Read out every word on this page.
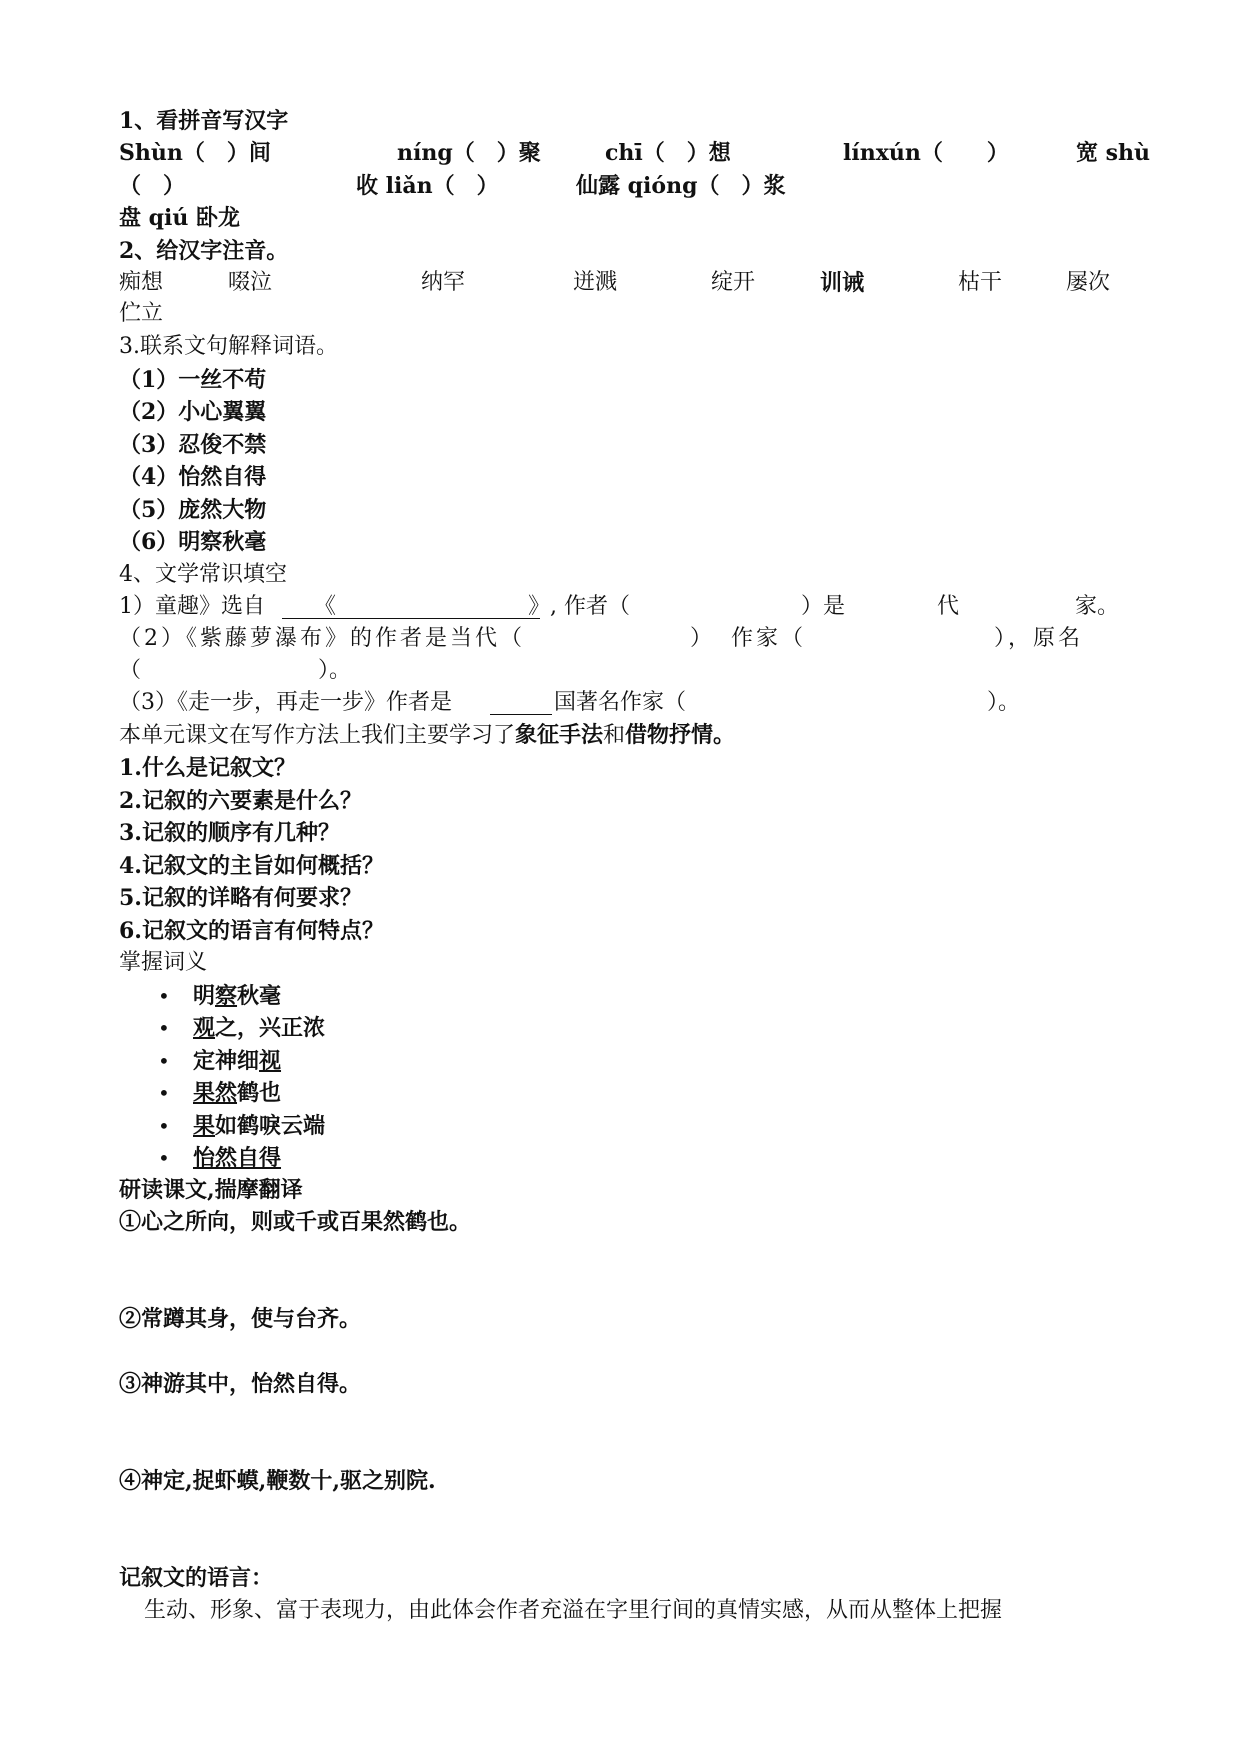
1、看拼音写汉字
Shùn（　）间	níng（　）聚	chī（　）想	línxún（　　）	宽 shù
（　）	收 liǎn（　）	仙露 qióng（　）浆
盘 qiú 卧龙
2、给汉字注音。
痴想	啜泣	纳罕	迸溅	绽开	训诫	枯干	屡次
伫立
3.联系文句解释词语。
（1）一丝不苟
（2）小心翼翼
（3）忍俊不禁
（4）怡然自得
（5）庞然大物
（6）明察秋毫
4、文学常识填空
1）童趣》选自	《	》, 作者（	）是	代	家。
（2）《紫藤萝瀑布》的作者是当代（	） 作家（	），原名
（	）。
（3）《走一步，再走一步》作者是	国著名作家（	）。
本单元课文在写作方法上我们主要学习了象征手法和借物抒情。
1.什么是记叙文？
2.记叙的六要素是什么？
3.记叙的顺序有几种？
4.记叙文的主旨如何概括？
5.记叙的详略有何要求？
6.记叙文的语言有何特点？
掌握词义
• 明察秋毫
• 观之，兴正浓
• 定神细视
• 果然鹤也
• 果如鹤唳云端
• 怡然自得
研读课文,揣摩翻译
①心之所向，则或千或百果然鹤也。
②常蹲其身，使与台齐。
③神游其中，怡然自得。
④神定,捉虾蟆,鞭数十,驱之别院.
记叙文的语言：
生动、形象、富于表现力，由此体会作者充溢在字里行间的真情实感，从而从整体上把握
